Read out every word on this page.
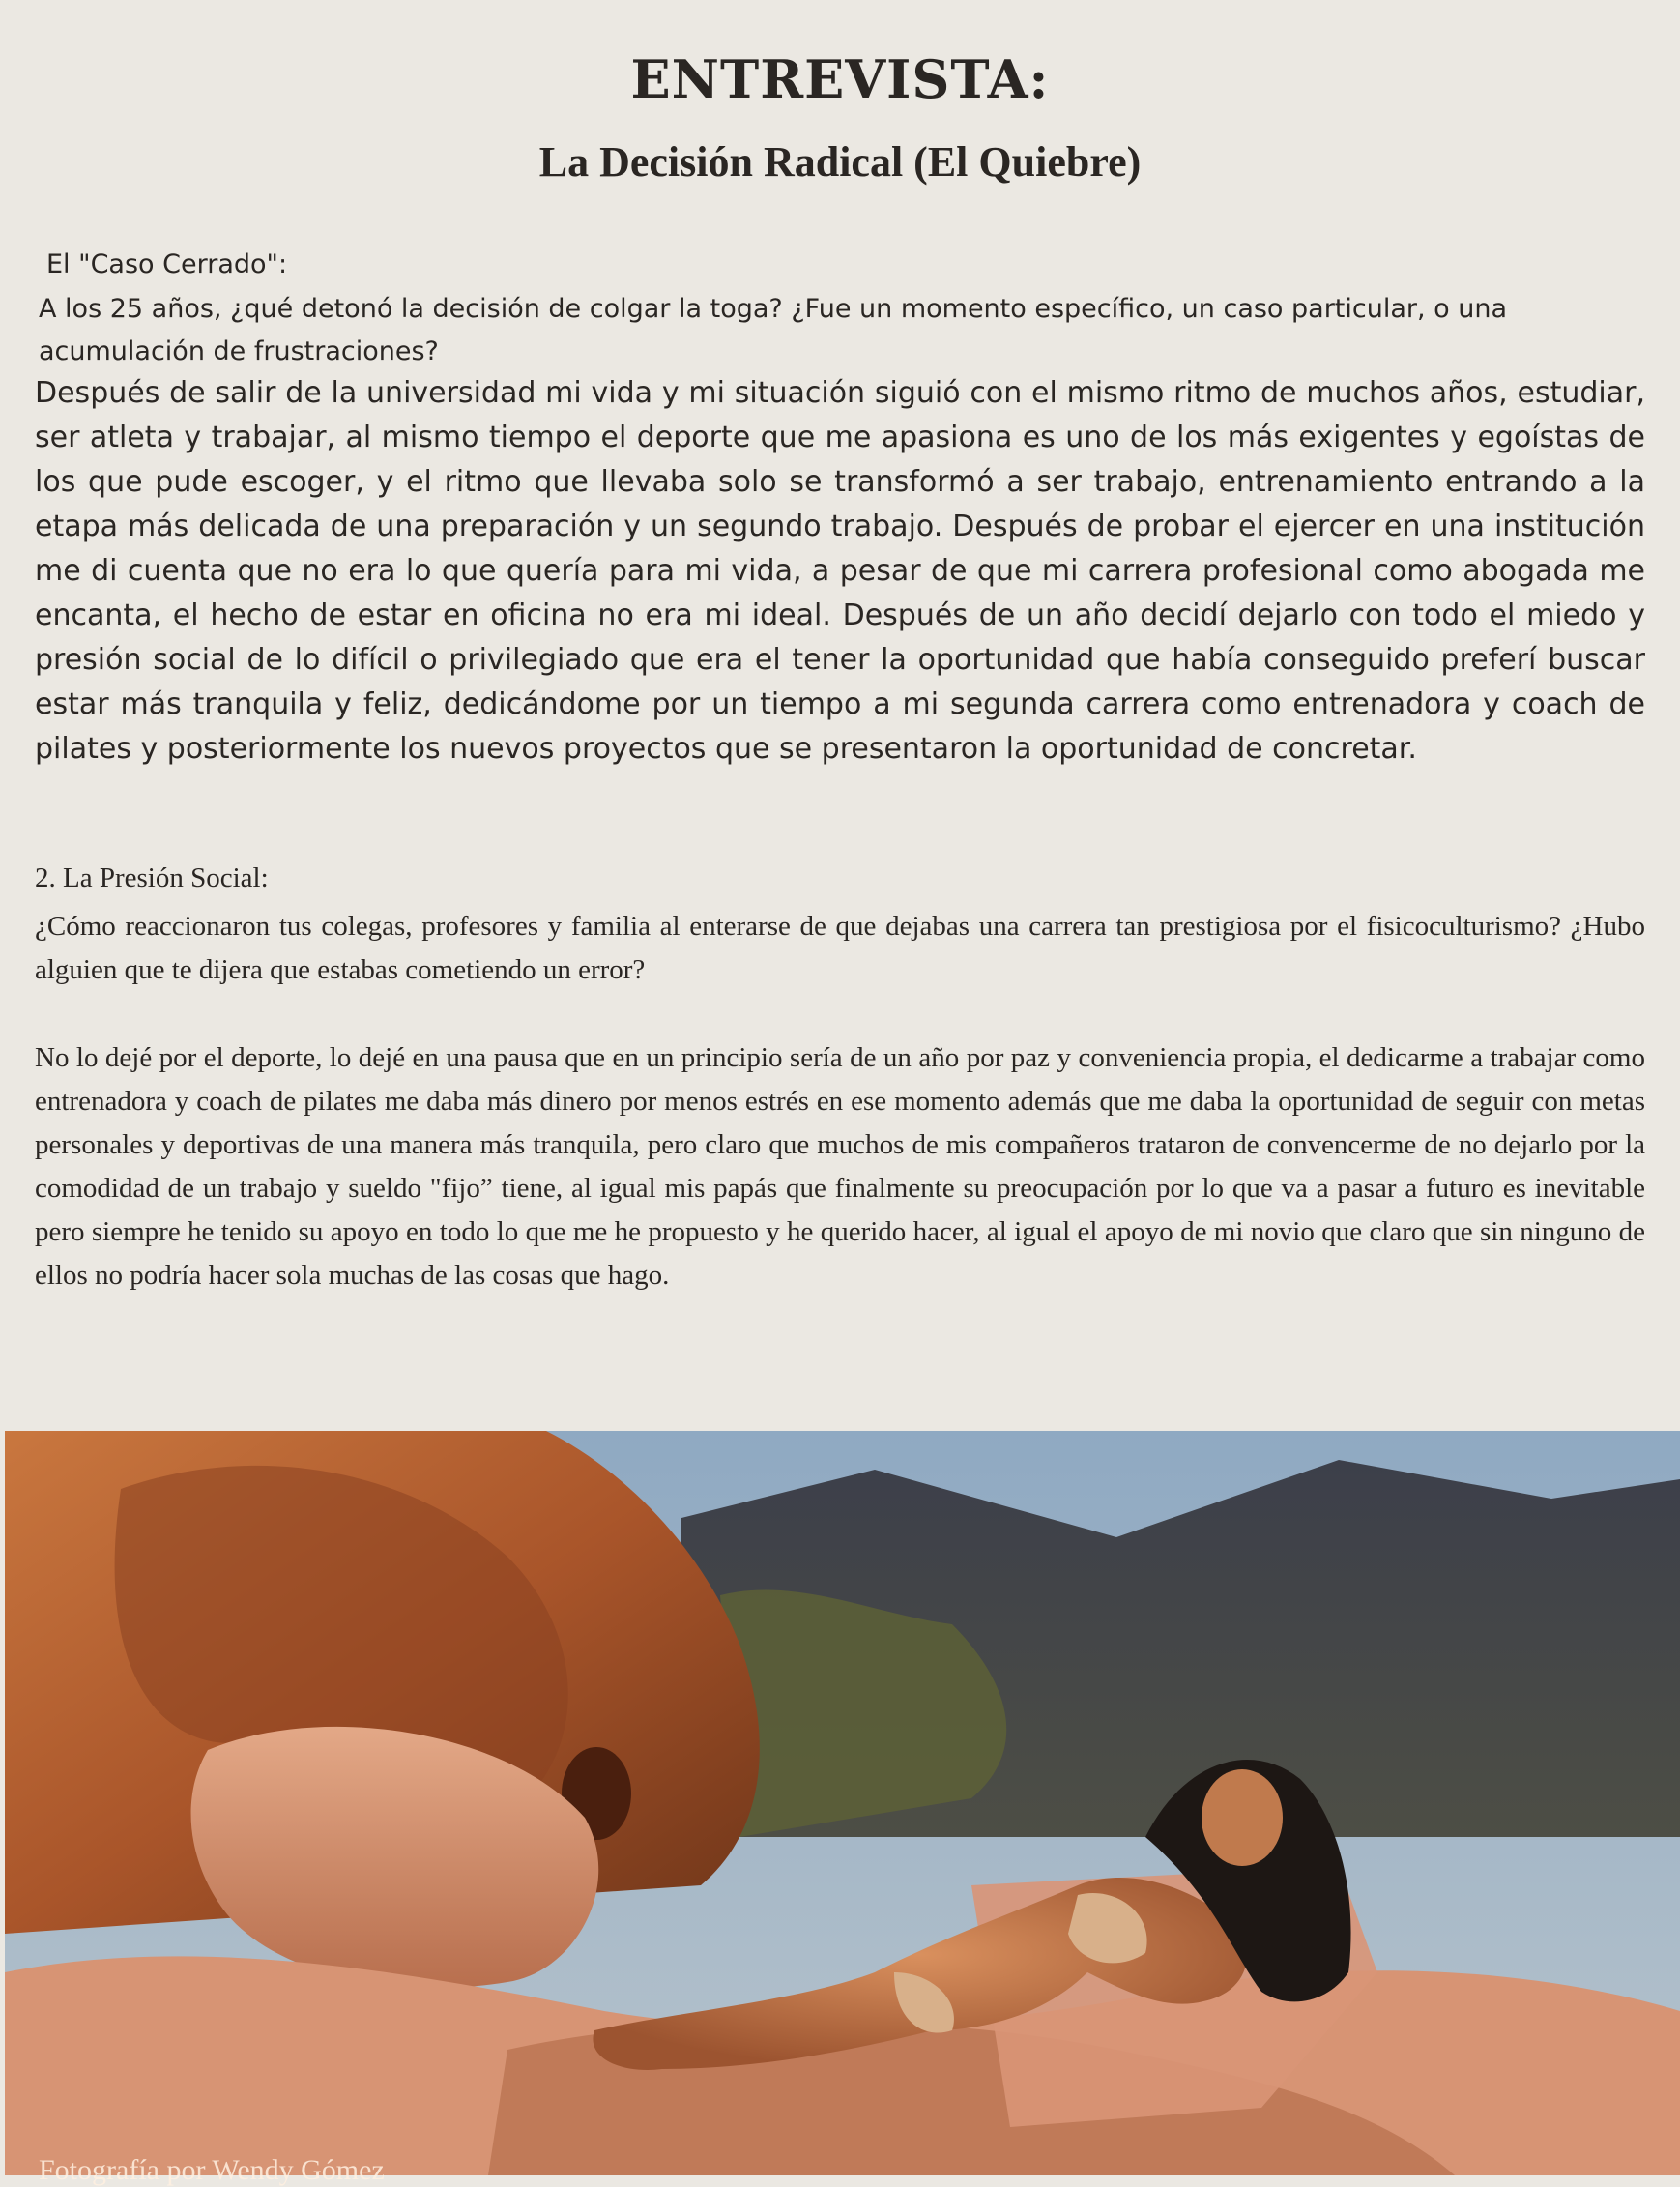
ENTREVISTA:
La Decisión Radical (El Quiebre)
El "Caso Cerrado":
A los 25 años, ¿qué detonó la decisión de colgar la toga? ¿Fue un momento específico, un caso particular, o una acumulación de frustraciones?

Después de salir de la universidad mi vida y mi situación siguió con el mismo ritmo de muchos años, estudiar, ser atleta y trabajar, al mismo tiempo el deporte que me apasiona es uno de los más exigentes y egoístas de los que pude escoger, y el ritmo que llevaba solo se transformó a ser trabajo, entrenamiento entrando a la etapa más delicada de una preparación y un segundo trabajo. Después de probar el ejercer en una institución me di cuenta que no era lo que quería para mi vida, a pesar de que mi carrera profesional como abogada me encanta, el hecho de estar en oficina no era mi ideal. Después de un año decidí dejarlo con todo el miedo y presión social de lo difícil o privilegiado que era el tener la oportunidad que había conseguido preferí buscar estar más tranquila y feliz, dedicándome por un tiempo a mi segunda carrera como entrenadora y coach de pilates y posteriormente los nuevos proyectos que se presentaron la oportunidad de concretar.

2. La Presión Social:

¿Cómo reaccionaron tus colegas, profesores y familia al enterarse de que dejabas una carrera tan prestigiosa por el fisicoculturismo? ¿Hubo alguien que te dijera que estabas cometiendo un error?

No lo dejé por el deporte, lo dejé en una pausa que en un principio sería de un año por paz y conveniencia propia, el dedicarme a trabajar como entrenadora y coach de pilates me daba más dinero por menos estrés en ese momento además que me daba la oportunidad de seguir con metas personales y deportivas de una manera más tranquila, pero claro que muchos de mis compañeros trataron de convencerme de no dejarlo por la comodidad de un trabajo y sueldo "fijo” tiene, al igual mis papás que finalmente su preocupación por lo que va a pasar a futuro es inevitable pero siempre he tenido su apoyo en todo lo que me he propuesto y he querido hacer, al igual el apoyo de mi novio que claro que sin ninguno de ellos no podría hacer sola muchas de las cosas que hago.

Fotografía por Wendy Gómez
